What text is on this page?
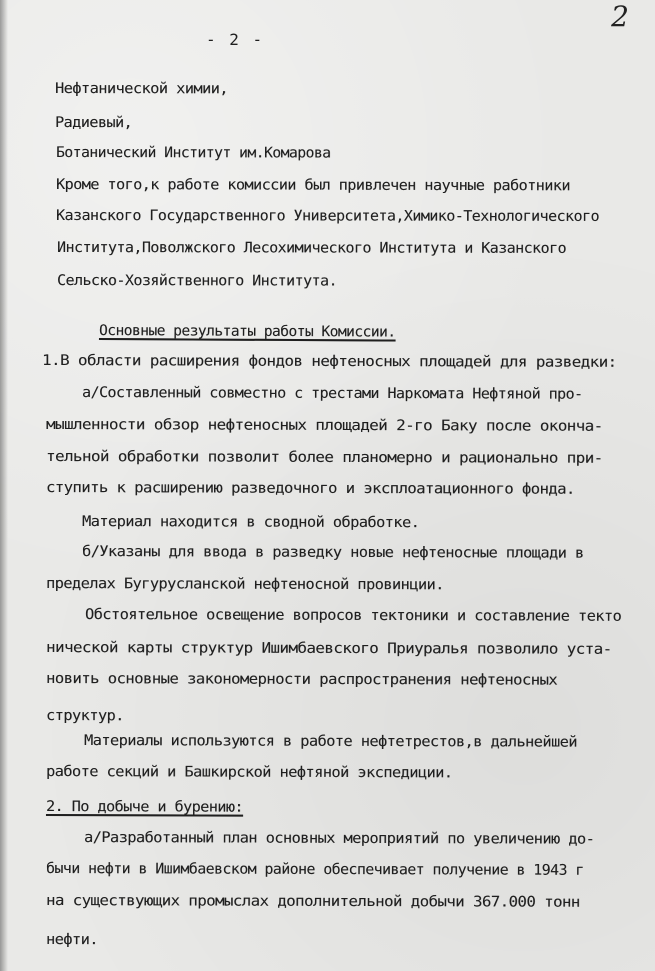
2
- 2 -
Нефтанической химии,
Радиевый,
Ботанический Институт им.Комарова
Кроме того,к работе комиссии был привлечен научные работники
Казанского Государственного Университета,Химико-Технологического
Института,Поволжского Лесохимического Института и Казанского
Сельско-Хозяйственного Института.
Основные результаты работы Комиссии.
1.В области расширения фондов нефтеносных площадей для разведки:
а/Составленный совместно с трестами Наркомата Нефтяной про-
мышленности обзор нефтеносных площадей 2-го Баку после оконча-
тельной обработки позволит более планомерно и рационально при-
ступить к расширению разведочного и эксплоатационного фонда.
Материал находится в сводной обработке.
б/Указаны для ввода в разведку новые нефтеносные площади в
пределах Бугурусланской нефтеносной провинции.
Обстоятельное освещение вопросов тектоники и составление текто
нической карты структур Ишимбаевского Приуралья позволило уста-
новить основные закономерности распространения нефтеносных
структур.
Материалы используются в работе нефтетрестов,в дальнейшей
работе секций и Башкирской нефтяной экспедиции.
2. По добыче и бурению:
а/Разработанный план основных мероприятий по увеличению до-
бычи нефти в Ишимбаевском районе обеспечивает получение в 1943 г
на существующих промыслах дополнительной добычи 367.000 тонн
нефти.
